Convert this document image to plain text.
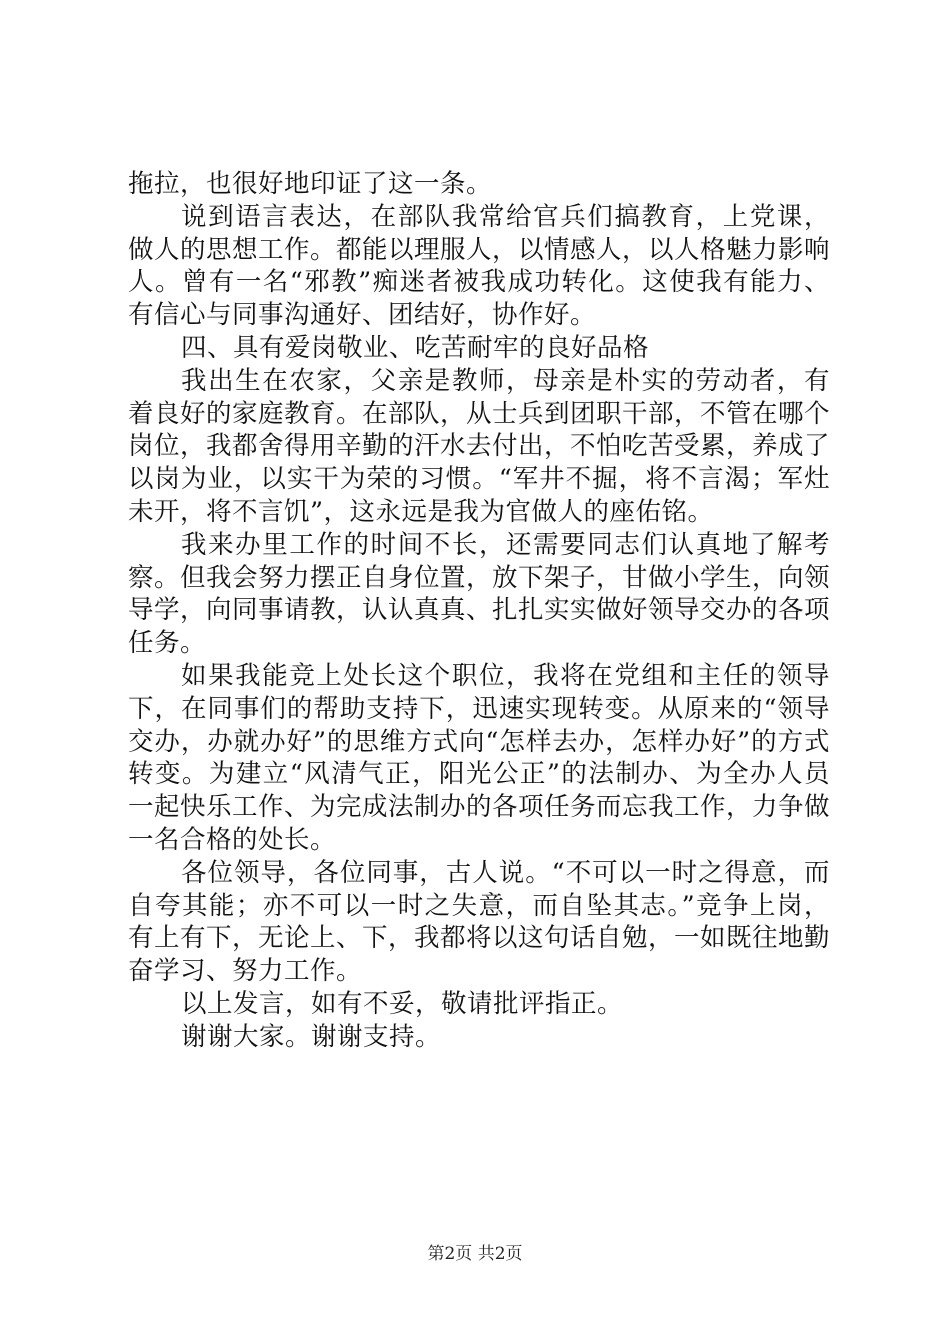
拖拉，也很好地印证了这一条。

说到语言表达，在部队我常给官兵们搞教育，上党课，做人的思想工作。都能以理服人，以情感人，以人格魅力影响人。曾有一名“邪教”痴迷者被我成功转化。这使我有能力、有信心与同事沟通好、团结好，协作好。

四、具有爱岗敬业、吃苦耐牢的良好品格

我出生在农家，父亲是教师，母亲是朴实的劳动者，有着良好的家庭教育。在部队，从士兵到团职干部，不管在哪个岗位，我都舍得用辛勤的汗水去付出，不怕吃苦受累，养成了以岗为业，以实干为荣的习惯。“军井不掘，将不言渴；军灶未开，将不言饥”，这永远是我为官做人的座佑铭。

我来办里工作的时间不长，还需要同志们认真地了解考察。但我会努力摆正自身位置，放下架子，甘做小学生，向领导学，向同事请教，认认真真、扎扎实实做好领导交办的各项任务。

如果我能竞上处长这个职位，我将在党组和主任的领导下，在同事们的帮助支持下，迅速实现转变。从原来的“领导交办，办就办好”的思维方式向“怎样去办，怎样办好”的方式转变。为建立“风清气正，阳光公正”的法制办、为全办人员一起快乐工作、为完成法制办的各项任务而忘我工作，力争做一名合格的处长。

各位领导，各位同事，古人说。“不可以一时之得意，而自夸其能；亦不可以一时之失意，而自坠其志。”竞争上岗，有上有下，无论上、下，我都将以这句话自勉，一如既往地勤奋学习、努力工作。

以上发言，如有不妥，敬请批评指正。

谢谢大家。谢谢支持。

第2页 共2页
